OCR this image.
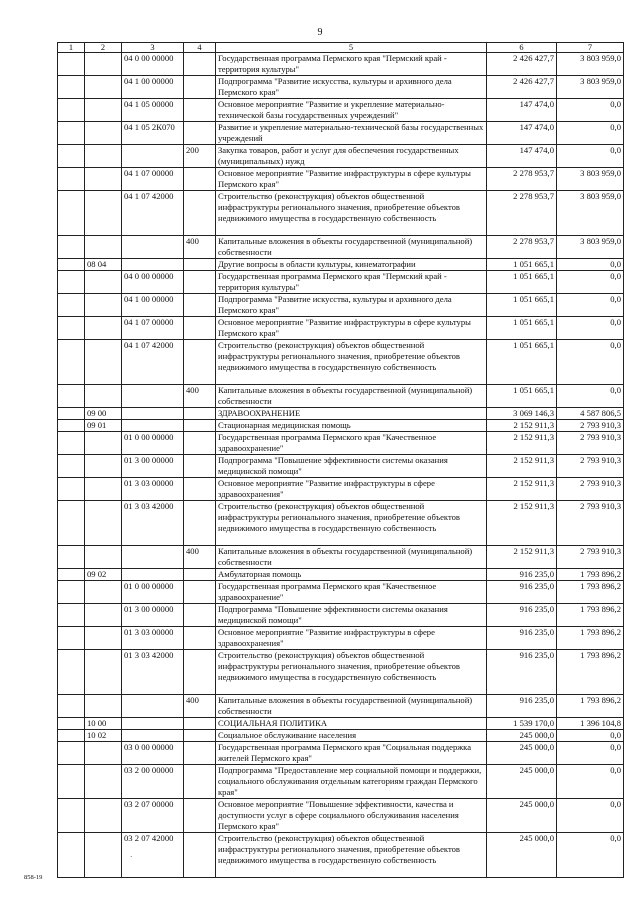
9
1	2	3	4	5	6	7
		04 0 00 00000		Государственная программа Пермского края "Пермский край - территория культуры"	2 426 427,7	3 803 959,0
		04 1 00 00000		Подпрограмма "Развитие искусства, культуры и архивного дела Пермского края"	2 426 427,7	3 803 959,0
		04 1 05 00000		Основное мероприятие "Развитие и укрепление материально-технической базы государственных учреждений"	147 474,0	0,0
		04 1 05 2К070		Развитие и укрепление материально-технической базы государственных учреждений	147 474,0	0,0
			200	Закупка товаров, работ и услуг для обеспечения государственных (муниципальных) нужд	147 474,0	0,0
		04 1 07 00000		Основное мероприятие "Развитие инфраструктуры в сфере культуры Пермского края"	2 278 953,7	3 803 959,0
		04 1 07 42000		Строительство (реконструкция) объектов общественной инфраструктуры регионального значения, приобретение объектов недвижимого имущества в государственную собственность	2 278 953,7	3 803 959,0
			400	Капитальные вложения в объекты государственной (муниципальной) собственности	2 278 953,7	3 803 959,0
	08 04			Другие вопросы в области культуры, кинематографии	1 051 665,1	0,0
		04 0 00 00000		Государственная программа Пермского края "Пермский край - территория культуры"	1 051 665,1	0,0
		04 1 00 00000		Подпрограмма "Развитие искусства, культуры и архивного дела Пермского края"	1 051 665,1	0,0
		04 1 07 00000		Основное мероприятие "Развитие инфраструктуры в сфере культуры Пермского края"	1 051 665,1	0,0
		04 1 07 42000		Строительство (реконструкция) объектов общественной инфраструктуры регионального значения, приобретение объектов недвижимого имущества в государственную собственность	1 051 665,1	0,0
			400	Капитальные вложения в объекты государственной (муниципальной) собственности	1 051 665,1	0,0
	09 00			ЗДРАВООХРАНЕНИЕ	3 069 146,3	4 587 806,5
	09 01			Стационарная медицинская помощь	2 152 911,3	2 793 910,3
		01 0 00 00000		Государственная программа Пермского края "Качественное здравоохранение"	2 152 911,3	2 793 910,3
		01 3 00 00000		Подпрограмма "Повышение эффективности системы оказания медицинской помощи"	2 152 911,3	2 793 910,3
		01 3 03 00000		Основное мероприятие "Развитие инфраструктуры в сфере здравоохранения"	2 152 911,3	2 793 910,3
		01 3 03 42000		Строительство (реконструкция) объектов общественной инфраструктуры регионального значения, приобретение объектов недвижимого имущества в государственную собственность	2 152 911,3	2 793 910,3
			400	Капитальные вложения в объекты государственной (муниципальной) собственности	2 152 911,3	2 793 910,3
	09 02			Амбулаторная помощь	916 235,0	1 793 896,2
		01 0 00 00000		Государственная программа Пермского края "Качественное здравоохранение"	916 235,0	1 793 896,2
		01 3 00 00000		Подпрограмма "Повышение эффективности системы оказания медицинской помощи"	916 235,0	1 793 896,2
		01 3 03 00000		Основное мероприятие "Развитие инфраструктуры в сфере здравоохранения"	916 235,0	1 793 896,2
		01 3 03 42000		Строительство (реконструкция) объектов общественной инфраструктуры регионального значения, приобретение объектов недвижимого имущества в государственную собственность	916 235,0	1 793 896,2
			400	Капитальные вложения в объекты государственной (муниципальной) собственности	916 235,0	1 793 896,2
	10 00			СОЦИАЛЬНАЯ ПОЛИТИКА	1 539 170,0	1 396 104,8
	10 02			Социальное обслуживание населения	245 000,0	0,0
		03 0 00 00000		Государственная программа Пермского края "Социальная поддержка жителей Пермского края"	245 000,0	0,0
		03 2 00 00000		Подпрограмма "Предоставление мер социальной помощи и поддержки, социального обслуживания отдельным категориям граждан Пермского края"	245 000,0	0,0
		03 2 07 00000		Основное мероприятие "Повышение эффективности, качества и доступности услуг в сфере социального обслуживания населения Пермского края"	245 000,0	0,0
		03 2 07 42000		Строительство (реконструкция) объектов общественной инфраструктуры регионального значения, приобретение объектов недвижимого имущества в государственную собственность	245 000,0	0,0
·
858-19
